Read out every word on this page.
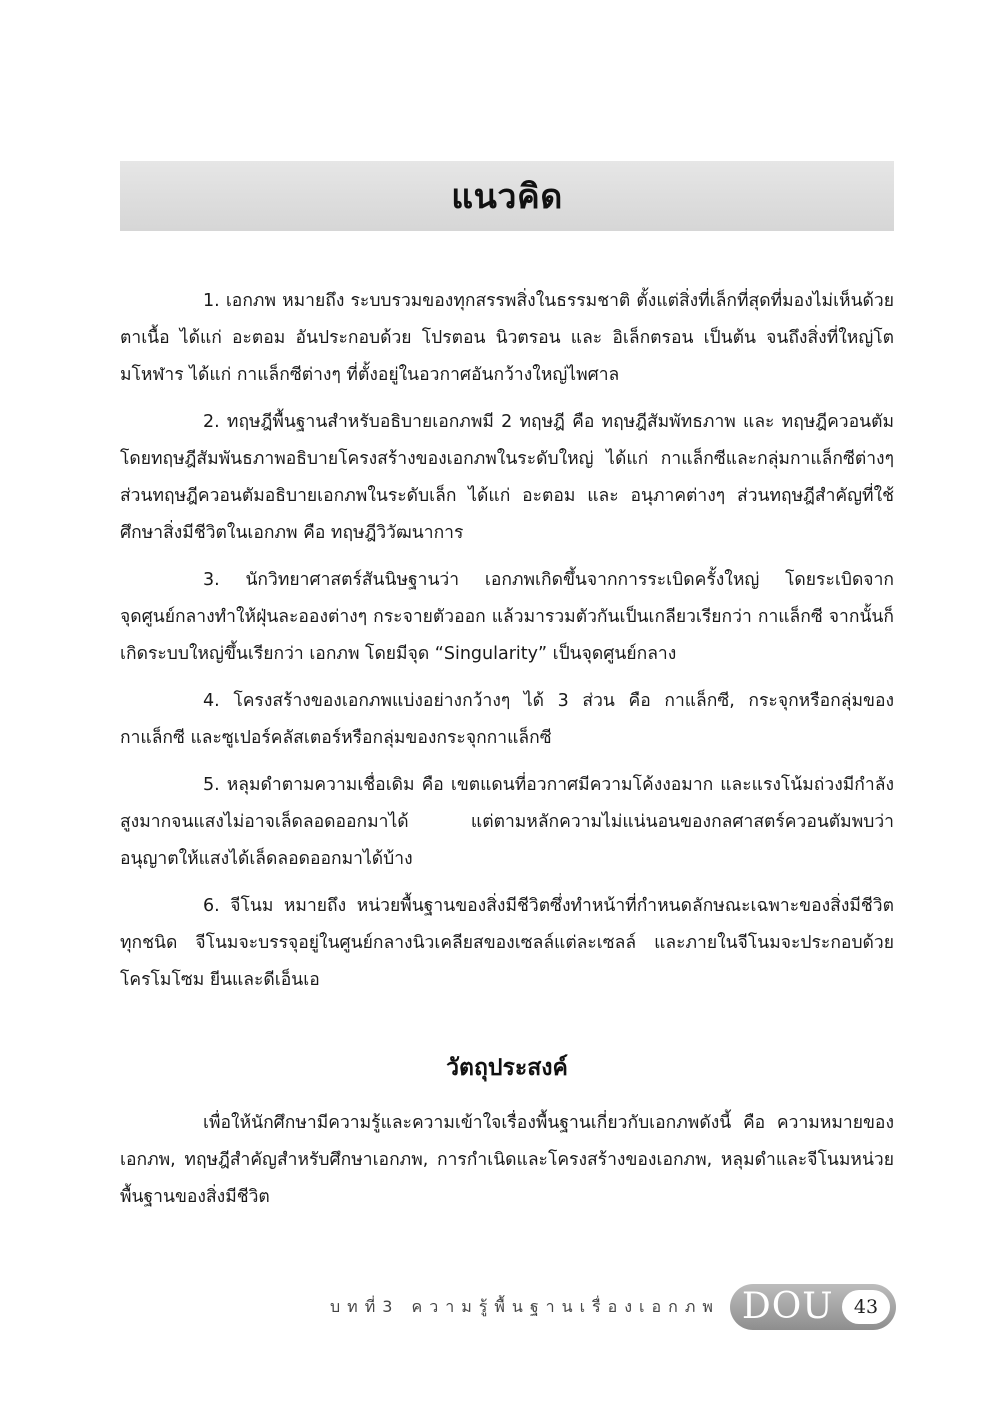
แนวคิด

1. เอกภพ หมายถึง ระบบรวมของทุกสรรพสิ่งในธรรมชาติ ตั้งแต่สิ่งที่เล็กที่สุดที่มองไม่เห็นด้วยตาเนื้อ ได้แก่ อะตอม อันประกอบด้วย โปรตอน นิวตรอน และ อิเล็กตรอน เป็นต้น จนถึงสิ่งที่ใหญ่โตมโหฬาร ได้แก่ กาแล็กซีต่างๆ ที่ตั้งอยู่ในอวกาศอันกว้างใหญ่ไพศาล

2. ทฤษฎีพื้นฐานสำหรับอธิบายเอกภพมี 2 ทฤษฎี คือ ทฤษฎีสัมพัทธภาพ และ ทฤษฎีควอนตัม โดยทฤษฎีสัมพันธภาพอธิบายโครงสร้างของเอกภพในระดับใหญ่ ได้แก่ กาแล็กซีและกลุ่มกาแล็กซีต่างๆ ส่วนทฤษฎีควอนตัมอธิบายเอกภพในระดับเล็ก ได้แก่ อะตอม และ อนุภาคต่างๆ ส่วนทฤษฎีสำคัญที่ใช้ศึกษาสิ่งมีชีวิตในเอกภพ คือ ทฤษฎีวิวัฒนาการ

3. นักวิทยาศาสตร์สันนิษฐานว่า เอกภพเกิดขึ้นจากการระเบิดครั้งใหญ่ โดยระเบิดจากจุดศูนย์กลางทำให้ฝุ่นละอองต่างๆ กระจายตัวออก แล้วมารวมตัวกันเป็นเกลียวเรียกว่า กาแล็กซี จากนั้นก็เกิดระบบใหญ่ขึ้นเรียกว่า เอกภพ โดยมีจุด “Singularity” เป็นจุดศูนย์กลาง

4. โครงสร้างของเอกภพแบ่งอย่างกว้างๆ ได้ 3 ส่วน คือ กาแล็กซี, กระจุกหรือกลุ่มของกาแล็กซี และซูเปอร์คลัสเตอร์หรือกลุ่มของกระจุกกาแล็กซี

5. หลุมดำตามความเชื่อเดิม คือ เขตแดนที่อวกาศมีความโค้งงอมาก และแรงโน้มถ่วงมีกำลังสูงมากจนแสงไม่อาจเล็ดลอดออกมาได้ แต่ตามหลักความไม่แน่นอนของกลศาสตร์ควอนตัมพบว่า อนุญาตให้แสงได้เล็ดลอดออกมาได้บ้าง

6. จีโนม หมายถึง หน่วยพื้นฐานของสิ่งมีชีวิตซึ่งทำหน้าที่กำหนดลักษณะเฉพาะของสิ่งมีชีวิตทุกชนิด จีโนมจะบรรจุอยู่ในศูนย์กลางนิวเคลียสของเซลล์แต่ละเซลล์ และภายในจีโนมจะประกอบด้วยโครโมโซม ยีนและดีเอ็นเอ

วัตถุประสงค์

เพื่อให้นักศึกษามีความรู้และความเข้าใจเรื่องพื้นฐานเกี่ยวกับเอกภพดังนี้ คือ ความหมายของเอกภพ, ทฤษฎีสำคัญสำหรับศึกษาเอกภพ, การกำเนิดและโครงสร้างของเอกภพ, หลุมดำและจีโนมหน่วยพื้นฐานของสิ่งมีชีวิต

บทที่3 ความรู้พื้นฐานเรื่องเอกภพ DOU	43
